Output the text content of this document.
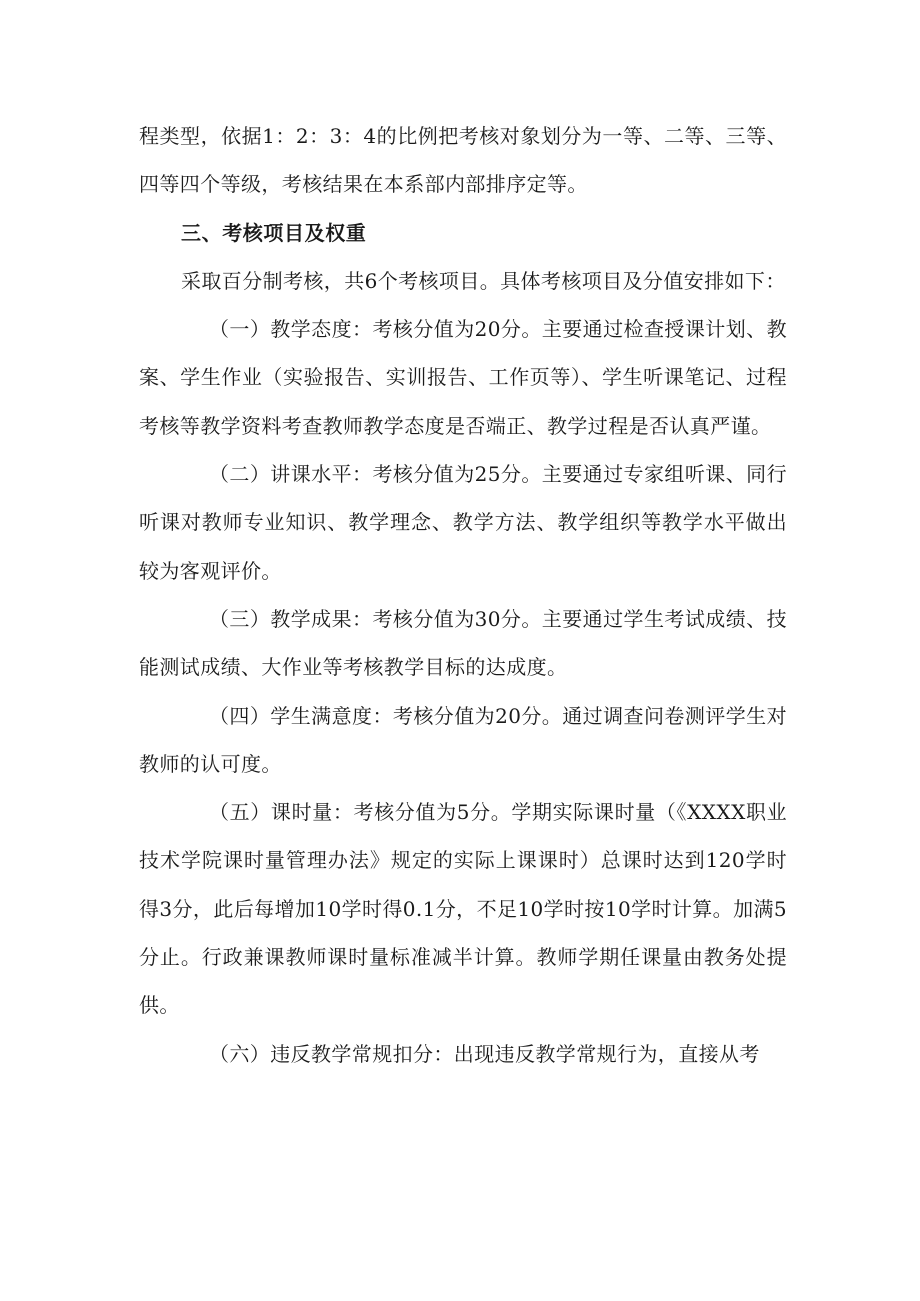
程类型，依据1：2：3：4的比例把考核对象划分为一等、二等、三等、四等四个等级，考核结果在本系部内部排序定等。

三、考核项目及权重

采取百分制考核，共6个考核项目。具体考核项目及分值安排如下：

（一）教学态度：考核分值为20分。主要通过检查授课计划、教案、学生作业（实验报告、实训报告、工作页等）、学生听课笔记、过程考核等教学资料考查教师教学态度是否端正、教学过程是否认真严谨。

（二）讲课水平：考核分值为25分。主要通过专家组听课、同行听课对教师专业知识、教学理念、教学方法、教学组织等教学水平做出较为客观评价。

（三）教学成果：考核分值为30分。主要通过学生考试成绩、技能测试成绩、大作业等考核教学目标的达成度。

（四）学生满意度：考核分值为20分。通过调查问卷测评学生对教师的认可度。

（五）课时量：考核分值为5分。学期实际课时量（《XXXX职业技术学院课时量管理办法》规定的实际上课课时）总课时达到120学时得3分，此后每增加10学时得0.1分，不足10学时按10学时计算。加满5分止。行政兼课教师课时量标准减半计算。教师学期任课量由教务处提供。

（六）违反教学常规扣分：出现违反教学常规行为，直接从考
